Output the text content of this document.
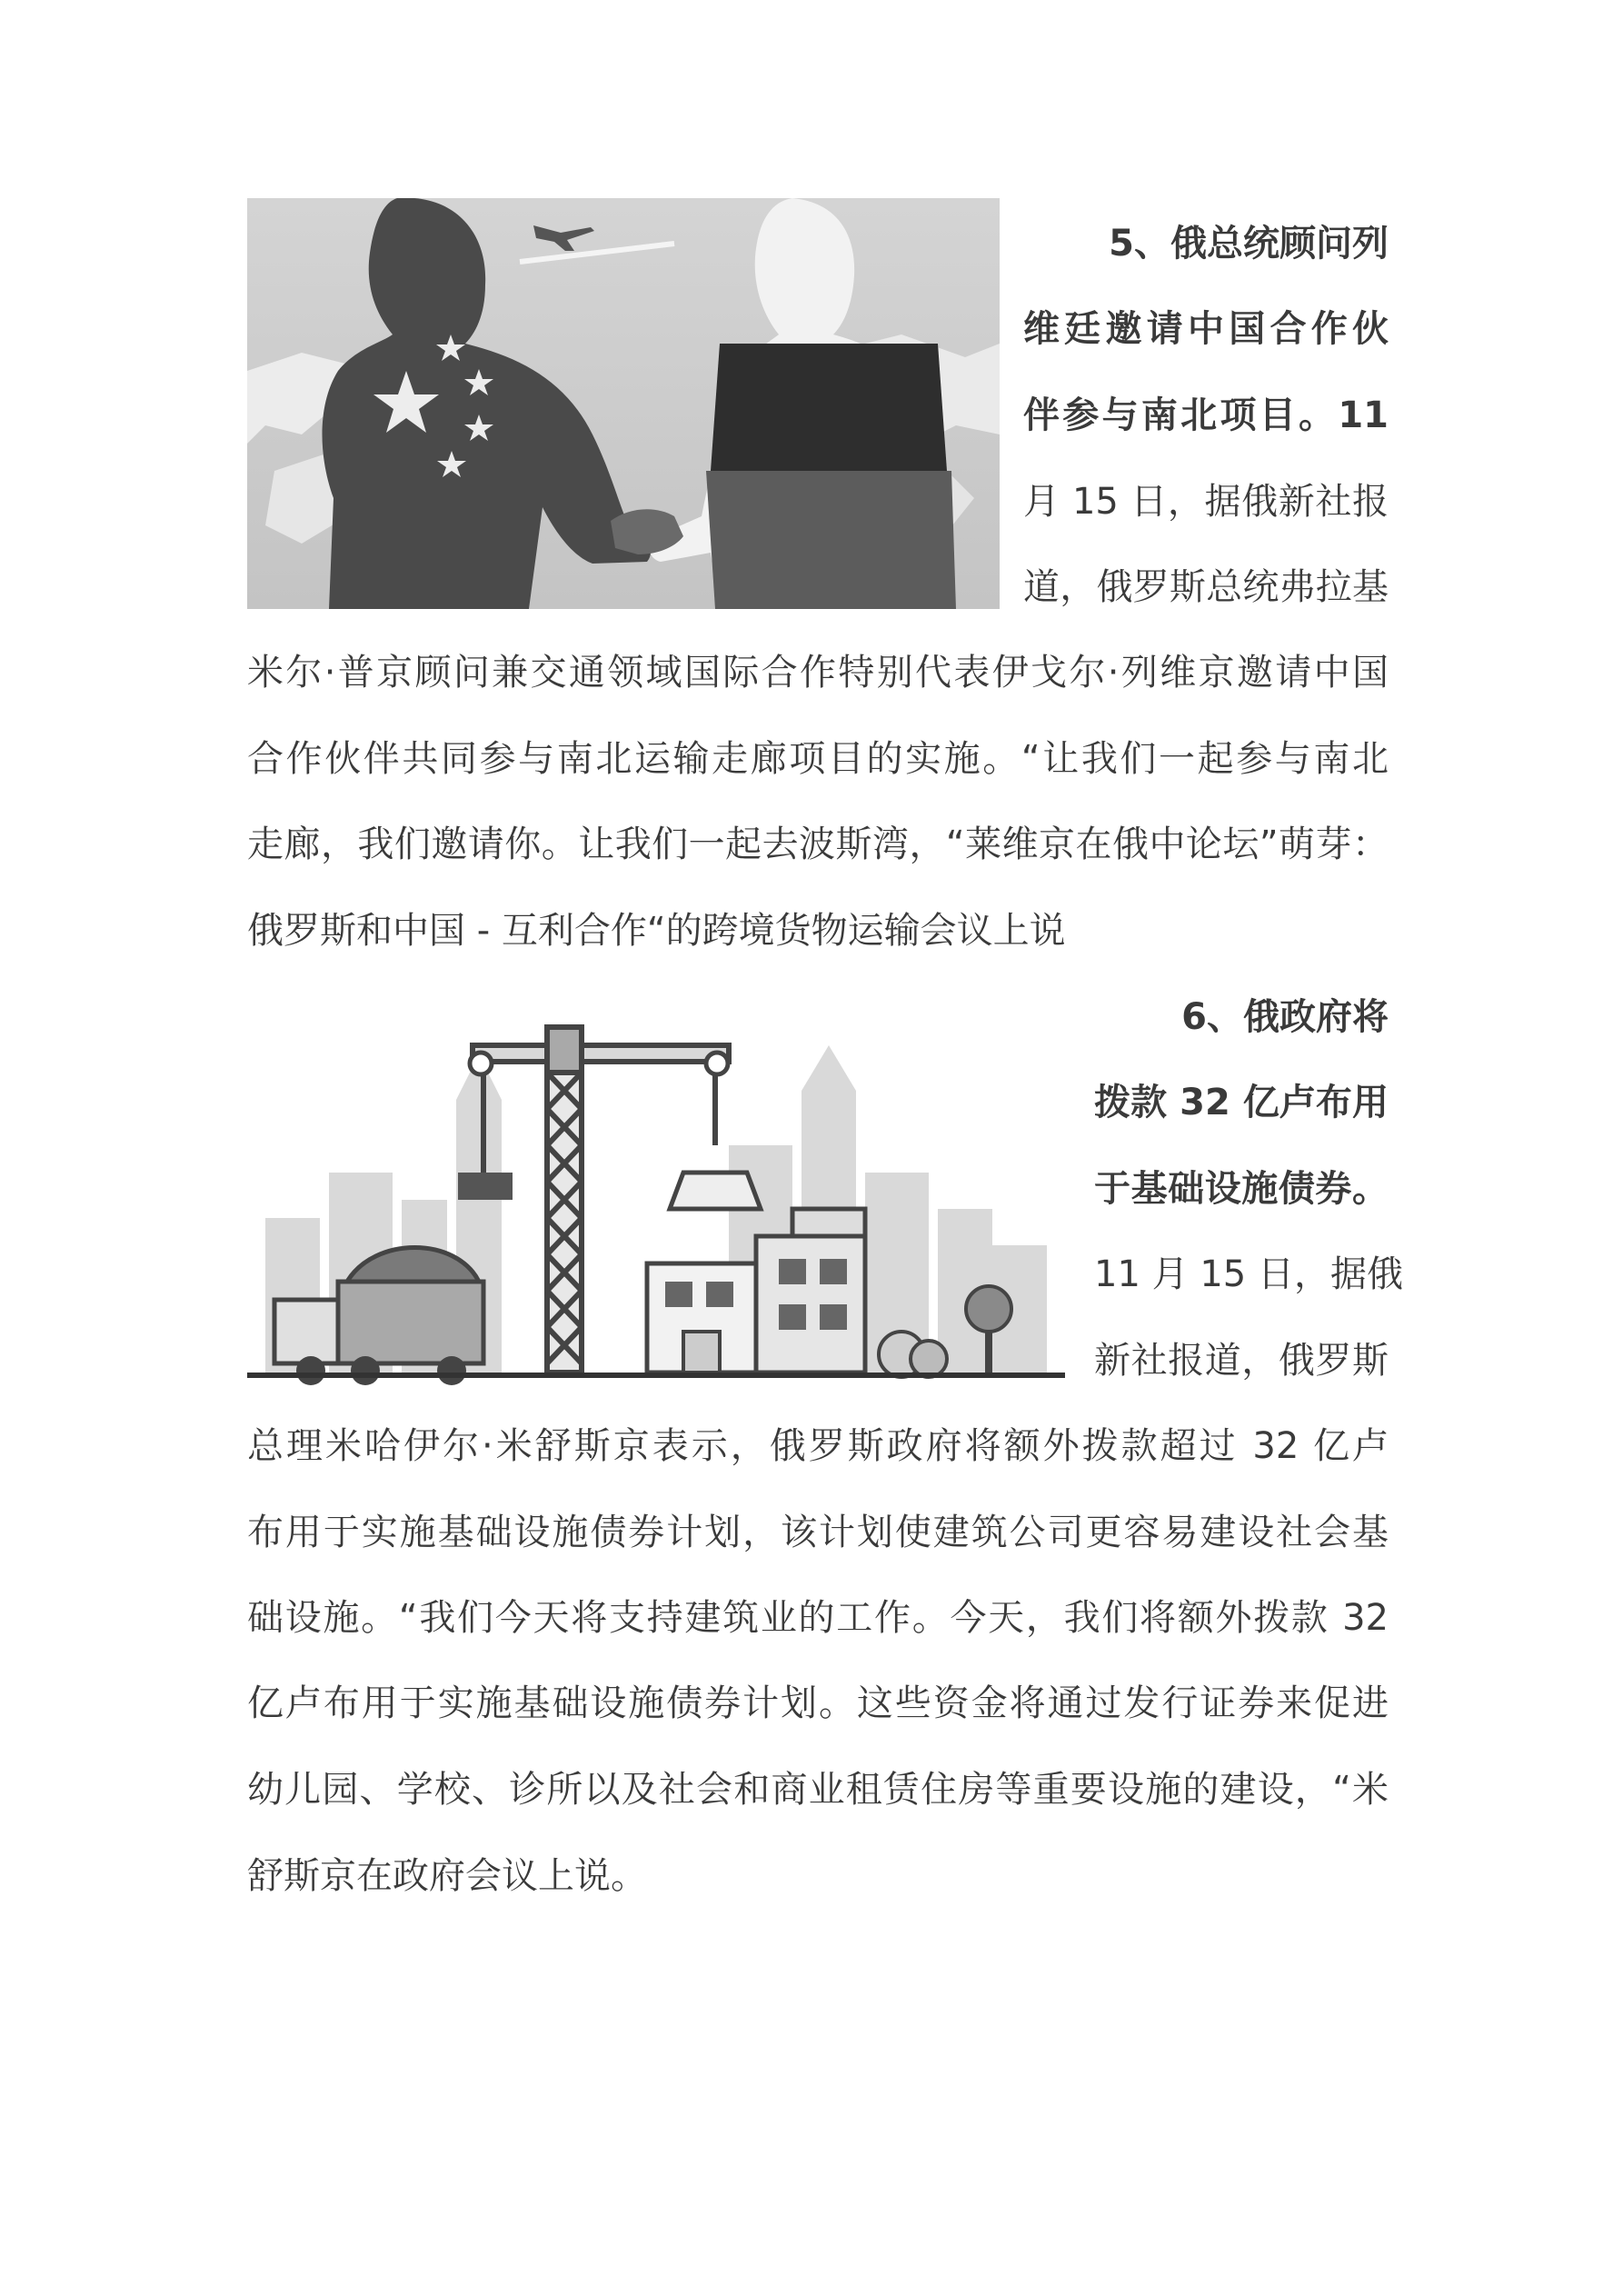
5、俄总统顾问列
维廷邀请中国合作伙
伴参与南北项目。11
月 15 日，据俄新社报
道，俄罗斯总统弗拉基
米尔·普京顾问兼交通领域国际合作特别代表伊戈尔·列维京邀请中国
合作伙伴共同参与南北运输走廊项目的实施。“让我们一起参与南北
走廊，我们邀请你。让我们一起去波斯湾，“莱维京在俄中论坛”萌芽：
俄罗斯和中国 - 互利合作“的跨境货物运输会议上说
6、俄政府将
拨款 32 亿卢布用
于基础设施债券。
11 月 15 日，据俄
新社报道，俄罗斯
总理米哈伊尔·米舒斯京表示，俄罗斯政府将额外拨款超过 32 亿卢
布用于实施基础设施债券计划，该计划使建筑公司更容易建设社会基
础设施。“我们今天将支持建筑业的工作。今天，我们将额外拨款 32
亿卢布用于实施基础设施债券计划。这些资金将通过发行证券来促进
幼儿园、学校、诊所以及社会和商业租赁住房等重要设施的建设，“米
舒斯京在政府会议上说。
